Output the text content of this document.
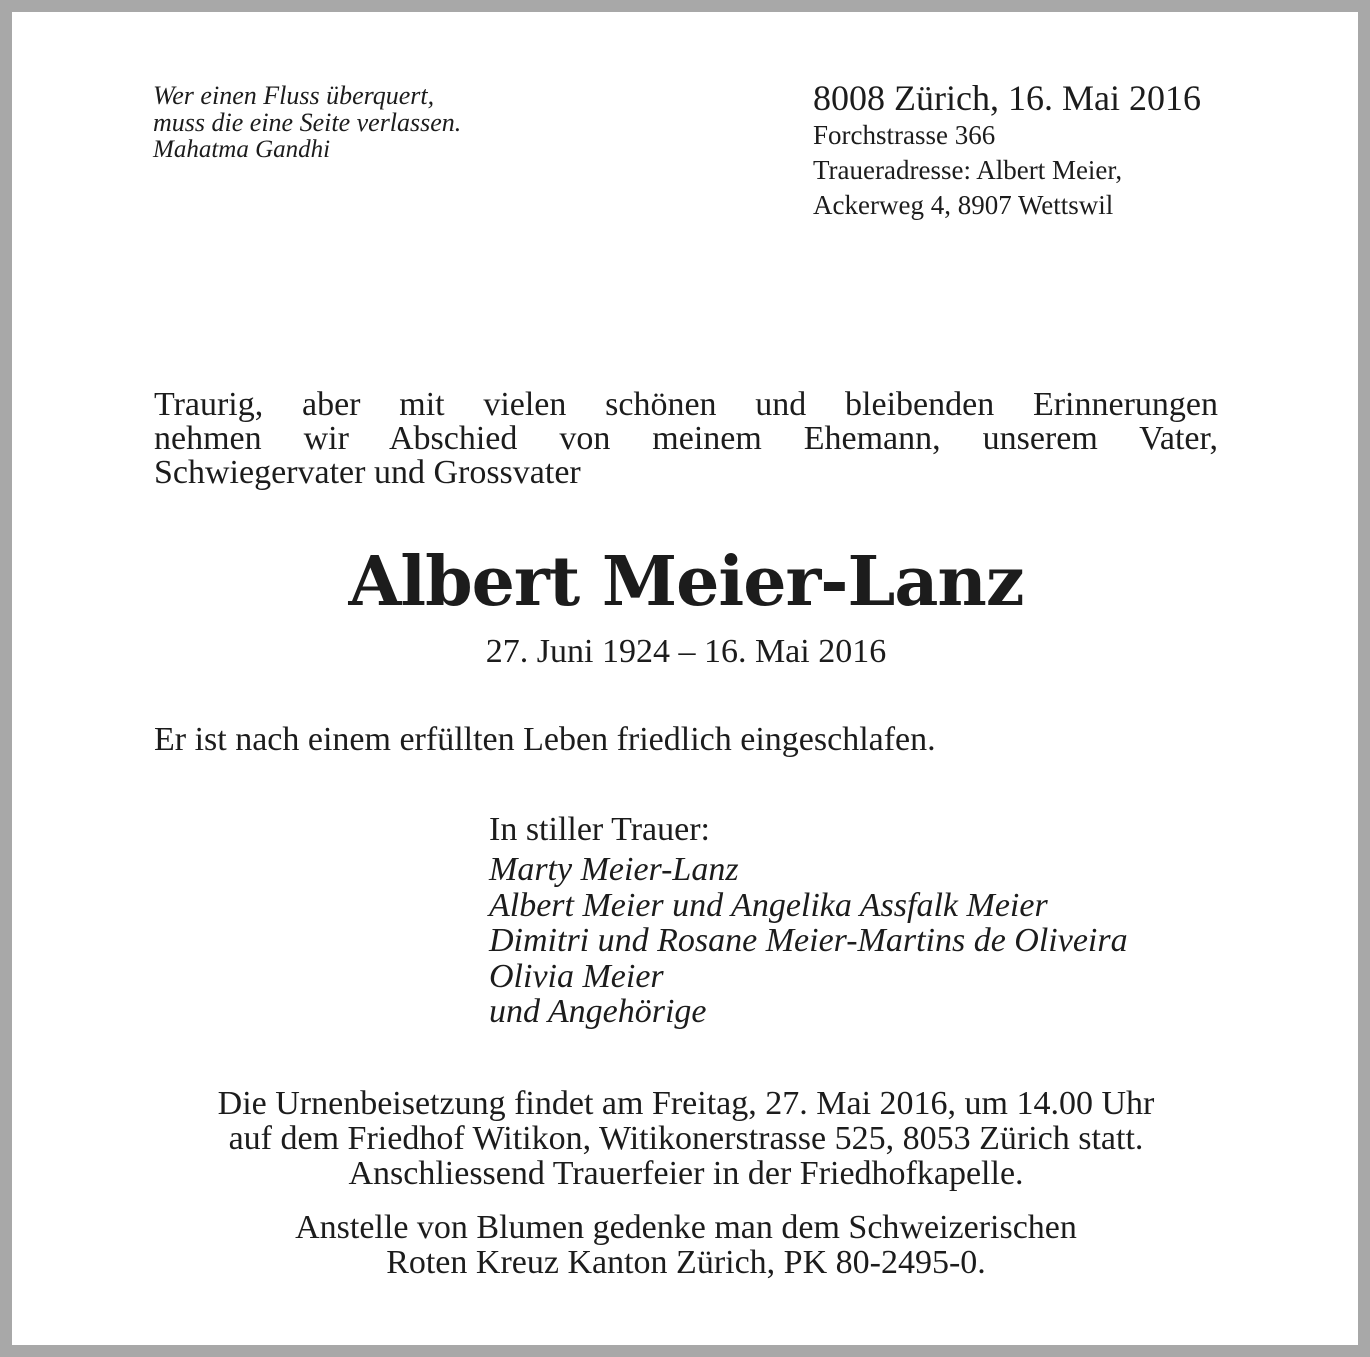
Wer einen Fluss überquert,
muss die eine Seite verlassen.
Mahatma Gandhi
8008 Zürich, 16. Mai 2016
Forchstrasse 366
Traueradresse: Albert Meier,
Ackerweg 4, 8907 Wettswil
Traurig, aber mit vielen schönen und bleibenden Erinnerungen
nehmen wir Abschied von meinem Ehemann, unserem Vater,
Schwiegervater und Grossvater
Albert Meier-Lanz
27. Juni 1924 – 16. Mai 2016
Er ist nach einem erfüllten Leben friedlich eingeschlafen.
In stiller Trauer:
Marty Meier-Lanz
Albert Meier und Angelika Assfalk Meier
Dimitri und Rosane Meier-Martins de Oliveira
Olivia Meier
und Angehörige
Die Urnenbeisetzung findet am Freitag, 27. Mai 2016, um 14.00 Uhr
auf dem Friedhof Witikon, Witikonerstrasse 525, 8053 Zürich statt.
Anschliessend Trauerfeier in der Friedhofkapelle.
Anstelle von Blumen gedenke man dem Schweizerischen
Roten Kreuz Kanton Zürich, PK 80-2495-0.
